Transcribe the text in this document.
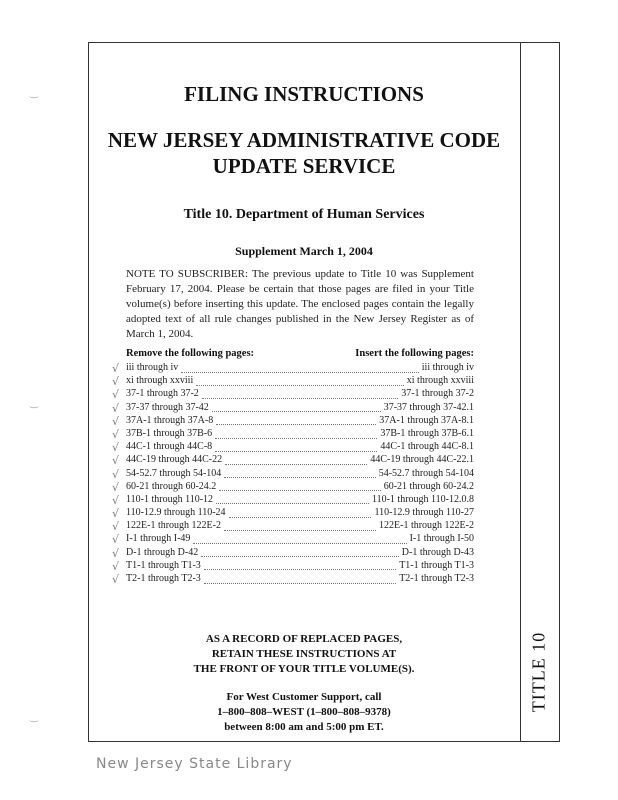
TITLE 10
‿
‿
‿
FILING INSTRUCTIONS
NEW JERSEY ADMINISTRATIVE CODE
UPDATE SERVICE
Title 10. Department of Human Services
Supplement March 1, 2004
NOTE TO SUBSCRIBER: The previous update to Title 10 was Supplement February 17, 2004. Please be certain that those pages are filed in your Title volume(s) before inserting this update. The enclosed pages contain the legally adopted text of all rule changes published in the New Jersey Register as of March 1, 2004.
Remove the following pages:	Insert the following pages:
√ iii through iv	iii through iv
√ xi through xxviii	xi through xxviii
√ 37-1 through 37-2	37-1 through 37-2
√ 37-37 through 37-42	37-37 through 37-42.1
√ 37A-1 through 37A-8	37A-1 through 37A-8.1
√ 37B-1 through 37B-6	37B-1 through 37B-6.1
√ 44C-1 through 44C-8	44C-1 through 44C-8.1
√ 44C-19 through 44C-22	44C-19 through 44C-22.1
√ 54-52.7 through 54-104	54-52.7 through 54-104
√ 60-21 through 60-24.2	60-21 through 60-24.2
√ 110-1 through 110-12	110-1 through 110-12.0.8
√ 110-12.9 through 110-24	110-12.9 through 110-27
√ 122E-1 through 122E-2	122E-1 through 122E-2
√ I-1 through I-49	I-1 through I-50
√ D-1 through D-42	D-1 through D-43
√ T1-1 through T1-3	T1-1 through T1-3
√ T2-1 through T2-3	T2-1 through T2-3
AS A RECORD OF REPLACED PAGES,
RETAIN THESE INSTRUCTIONS AT
THE FRONT OF YOUR TITLE VOLUME(S).
For West Customer Support, call
1–800–808–WEST (1–800–808–9378)
between 8:00 am and 5:00 pm ET.
New Jersey State Library
